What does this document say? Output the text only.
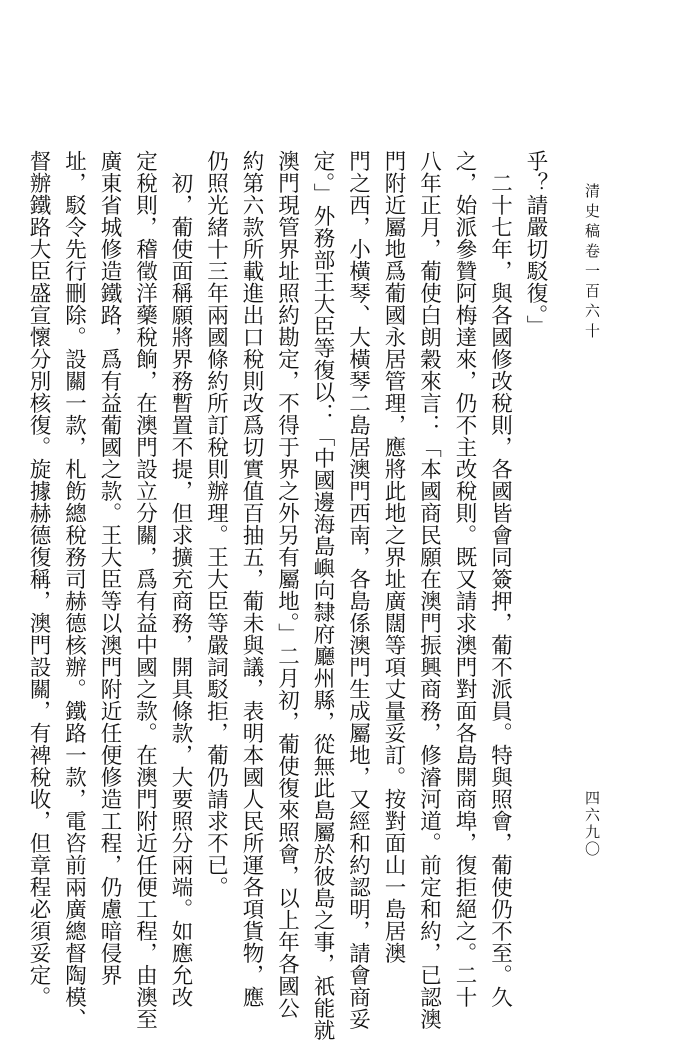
清史稿卷一百六十
四六九〇

乎？請嚴切駁復。」

　二十七年，與各國修改稅則，各國皆會同簽押，葡不派員。特與照會，葡使仍不至。久

之，始派參贊阿梅達來，仍不主改稅則。既又請求澳門對面各島開商埠，復拒絕之。二十

八年正月，葡使白朗穀來言：「本國商民願在澳門振興商務，修濬河道。前定和約，已認澳

門附近屬地爲葡國永居管理，應將此地之界址廣闊等項丈量妥訂。按對面山一島居澳

門之西，小橫琴、大橫琴二島居澳門西南，各島係澳門生成屬地，又經和約認明，請會商妥

定。」外務部王大臣等復以：「中國邊海島嶼向隸府廳州縣，從無此島屬於彼島之事，祇能就

澳門現管界址照約勘定，不得于界之外另有屬地。」二月初，葡使復來照會，以上年各國公

約第六款所載進出口稅則改爲切實值百抽五，葡未與議，表明本國人民所運各項貨物，應

仍照光緒十三年兩國條約所訂稅則辦理。王大臣等嚴詞駁拒，葡仍請求不已。

　初，葡使面稱願將界務暫置不提，但求擴充商務，開具條款，大要照分兩端。如應允改

定稅則，稽徵洋藥稅餉，在澳門設立分關，爲有益中國之款。在澳門附近任便工程，由澳至

廣東省城修造鐵路，爲有益葡國之款。王大臣等以澳門附近任便修造工程，仍慮暗侵界

址，駁令先行刪除。設關一款，札飭總稅務司赫德核辦。鐵路一款，電咨前兩廣總督陶模、

督辦鐵路大臣盛宣懷分別核復。旋據赫德復稱，澳門設關，有裨稅收，但章程必須妥定。
